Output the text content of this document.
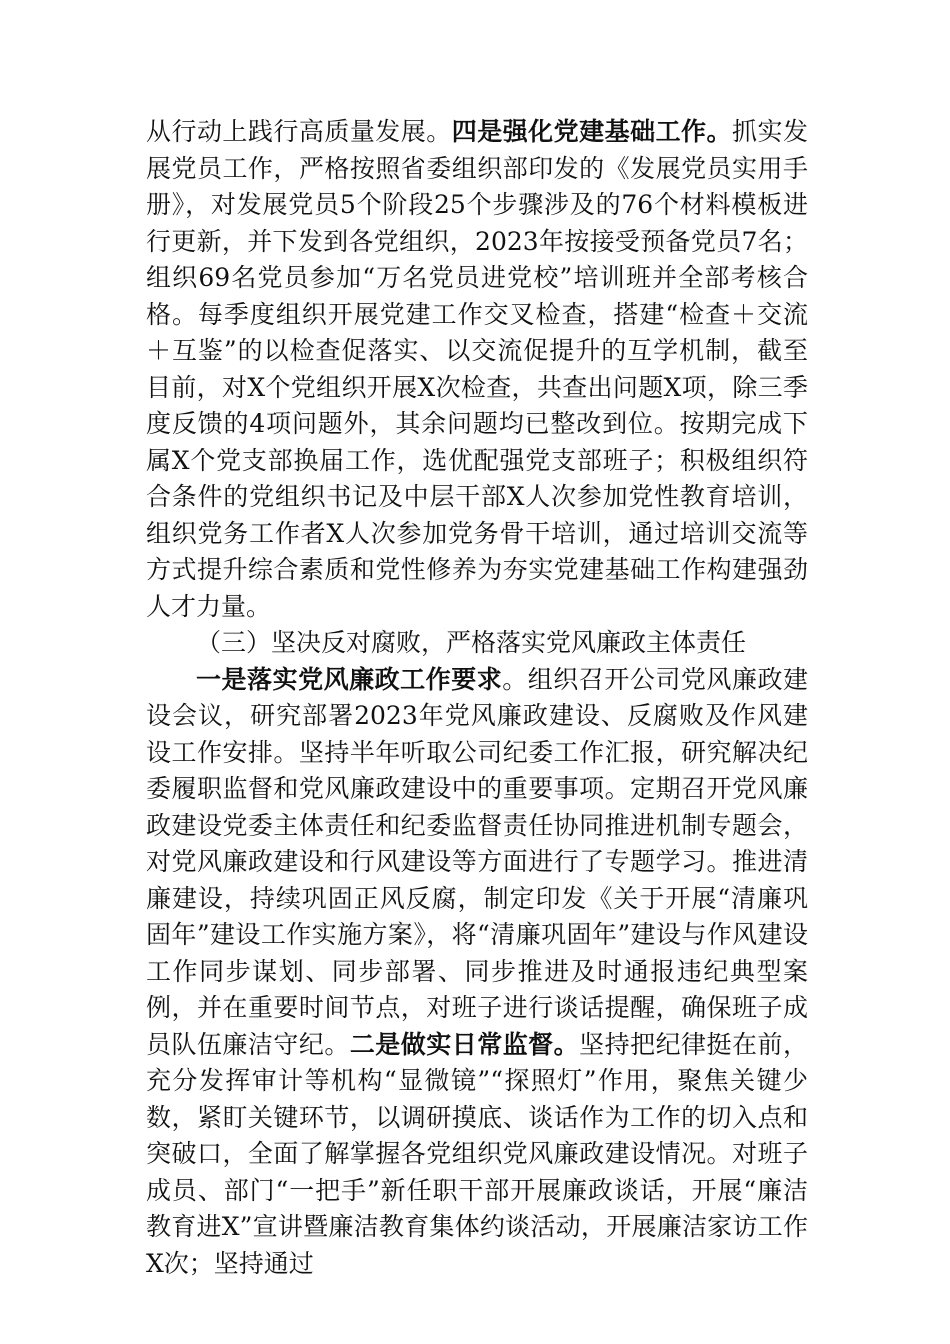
从行动上践行高质量发展。四是强化党建基础工作。抓实发展党员工作，严格按照省委组织部印发的《发展党员实用手册》，对发展党员5个阶段25个步骤涉及的76个材料模板进行更新，并下发到各党组织，2023年按接受预备党员7名；组织69名党员参加“万名党员进党校”培训班并全部考核合格。每季度组织开展党建工作交叉检查，搭建“检查＋交流＋互鉴”的以检查促落实、以交流促提升的互学机制，截至目前，对X个党组织开展X次检查，共查出问题X项，除三季度反馈的4项问题外，其余问题均已整改到位。按期完成下属X个党支部换届工作，选优配强党支部班子；积极组织符合条件的党组织书记及中层干部X人次参加党性教育培训，组织党务工作者X人次参加党务骨干培训，通过培训交流等方式提升综合素质和党性修养为夯实党建基础工作构建强劲人才力量。

（三）坚决反对腐败，严格落实党风廉政主体责任

一是落实党风廉政工作要求。组织召开公司党风廉政建设会议，研究部署2023年党风廉政建设、反腐败及作风建设工作安排。坚持半年听取公司纪委工作汇报，研究解决纪委履职监督和党风廉政建设中的重要事项。定期召开党风廉政建设党委主体责任和纪委监督责任协同推进机制专题会，对党风廉政建设和行风建设等方面进行了专题学习。推进清廉建设，持续巩固正风反腐，制定印发《关于开展“清廉巩固年”建设工作实施方案》，将“清廉巩固年”建设与作风建设工作同步谋划、同步部署、同步推进及时通报违纪典型案例，并在重要时间节点，对班子进行谈话提醒，确保班子成员队伍廉洁守纪。二是做实日常监督。坚持把纪律挺在前，充分发挥审计等机构“显微镜”“探照灯”作用，聚焦关键少数，紧盯关键环节，以调研摸底、谈话作为工作的切入点和突破口，全面了解掌握各党组织党风廉政建设情况。对班子成员、部门“一把手”新任职干部开展廉政谈话，开展“廉洁教育进X”宣讲暨廉洁教育集体约谈活动，开展廉洁家访工作X次；坚持通过
